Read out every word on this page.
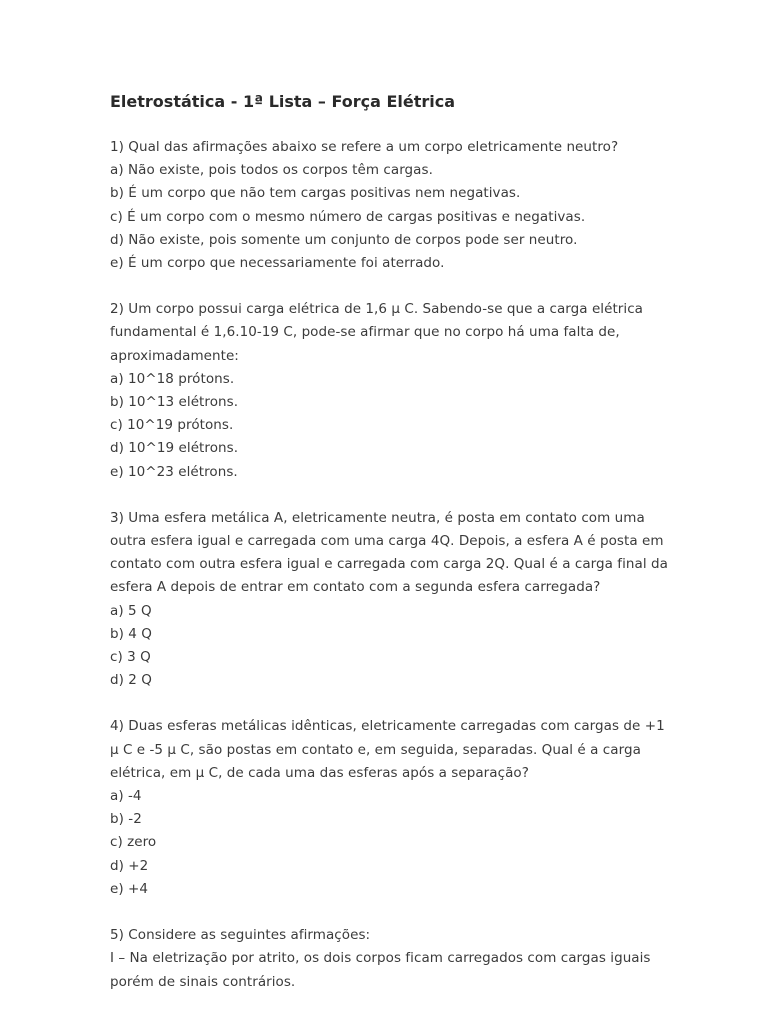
Eletrostática - 1ª Lista – Força Elétrica
1) Qual das afirmações abaixo se refere a um corpo eletricamente neutro?
a) Não existe, pois todos os corpos têm cargas.
b) É um corpo que não tem cargas positivas nem negativas.
c) É um corpo com o mesmo número de cargas positivas e negativas.
d) Não existe, pois somente um conjunto de corpos pode ser neutro.
e) É um corpo que necessariamente foi aterrado.
2) Um corpo possui carga elétrica de 1,6 μ C. Sabendo-se que a carga elétrica
fundamental é 1,6.10-19 C, pode-se afirmar que no corpo há uma falta de,
aproximadamente:
a) 10^18 prótons.
b) 10^13 elétrons.
c) 10^19 prótons.
d) 10^19 elétrons.
e) 10^23 elétrons.
3) Uma esfera metálica A, eletricamente neutra, é posta em contato com uma
outra esfera igual e carregada com uma carga 4Q. Depois, a esfera A é posta em
contato com outra esfera igual e carregada com carga 2Q. Qual é a carga final da
esfera A depois de entrar em contato com a segunda esfera carregada?
a) 5 Q
b) 4 Q
c) 3 Q
d) 2 Q
4) Duas esferas metálicas idênticas, eletricamente carregadas com cargas de +1
μ C e -5 μ C, são postas em contato e, em seguida, separadas. Qual é a carga
elétrica, em μ C, de cada uma das esferas após a separação?
a) -4
b) -2
c) zero
d) +2
e) +4
5) Considere as seguintes afirmações:
I – Na eletrização por atrito, os dois corpos ficam carregados com cargas iguais
porém de sinais contrários.
